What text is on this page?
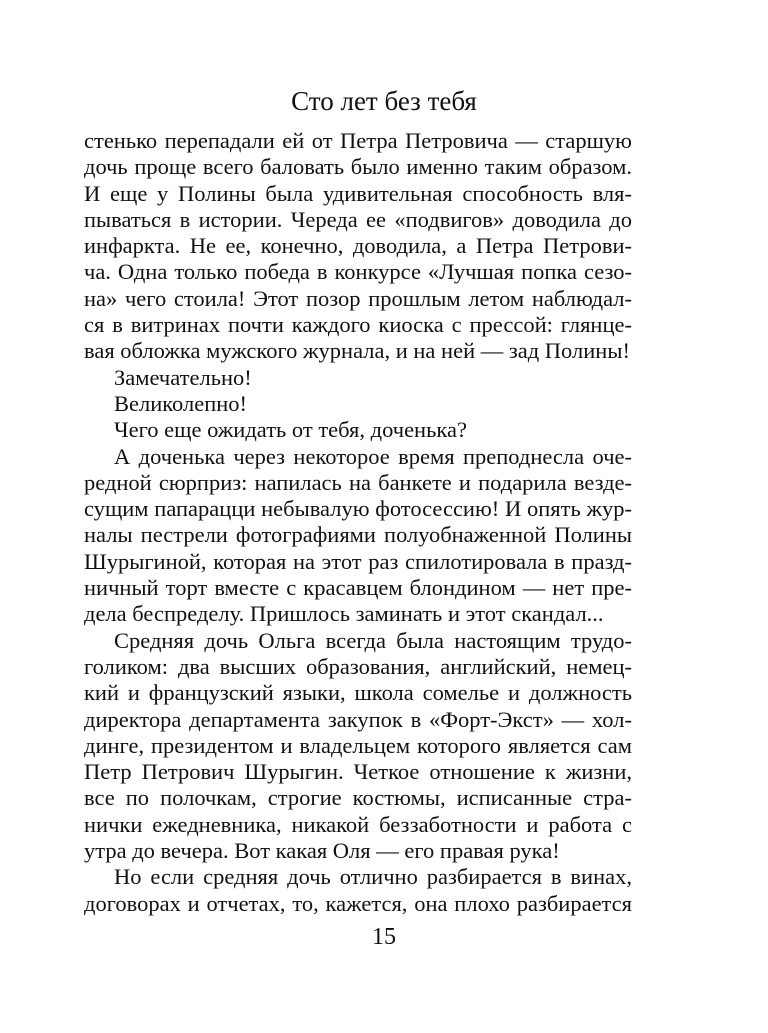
Сто лет без тебя
стенько перепадали ей от Петра Петровича — старшую
дочь проще всего баловать было именно таким образом.
И еще у Полины была удивительная способность вля-
пываться в истории. Череда ее «подвигов» доводила до
инфаркта. Не ее, конечно, доводила, а Петра Петрови-
ча. Одна только победа в конкурсе «Лучшая попка сезо-
на» чего стоила! Этот позор прошлым летом наблюдал-
ся в витринах почти каждого киоска с прессой: глянце-
вая обложка мужского журнала, и на ней — зад Полины!
Замечательно!
Великолепно!
Чего еще ожидать от тебя, доченька?
А доченька через некоторое время преподнесла оче-
редной сюрприз: напилась на банкете и подарила везде-
сущим папарацци небывалую фотосессию! И опять жур-
налы пестрели фотографиями полуобнаженной Полины
Шурыгиной, которая на этот раз спилотировала в празд-
ничный торт вместе с красавцем блондином — нет пре-
дела беспределу. Пришлось заминать и этот скандал...
Средняя дочь Ольга всегда была настоящим трудо-
голиком: два высших образования, английский, немец-
кий и французский языки, школа сомелье и должность
директора департамента закупок в «Форт-Экст» — хол-
динге, президентом и владельцем которого является сам
Петр Петрович Шурыгин. Четкое отношение к жизни,
все по полочкам, строгие костюмы, исписанные стра-
нички ежедневника, никакой беззаботности и работа с
утра до вечера. Вот какая Оля — его правая рука!
Но если средняя дочь отлично разбирается в винах,
договорах и отчетах, то, кажется, она плохо разбирается
15
